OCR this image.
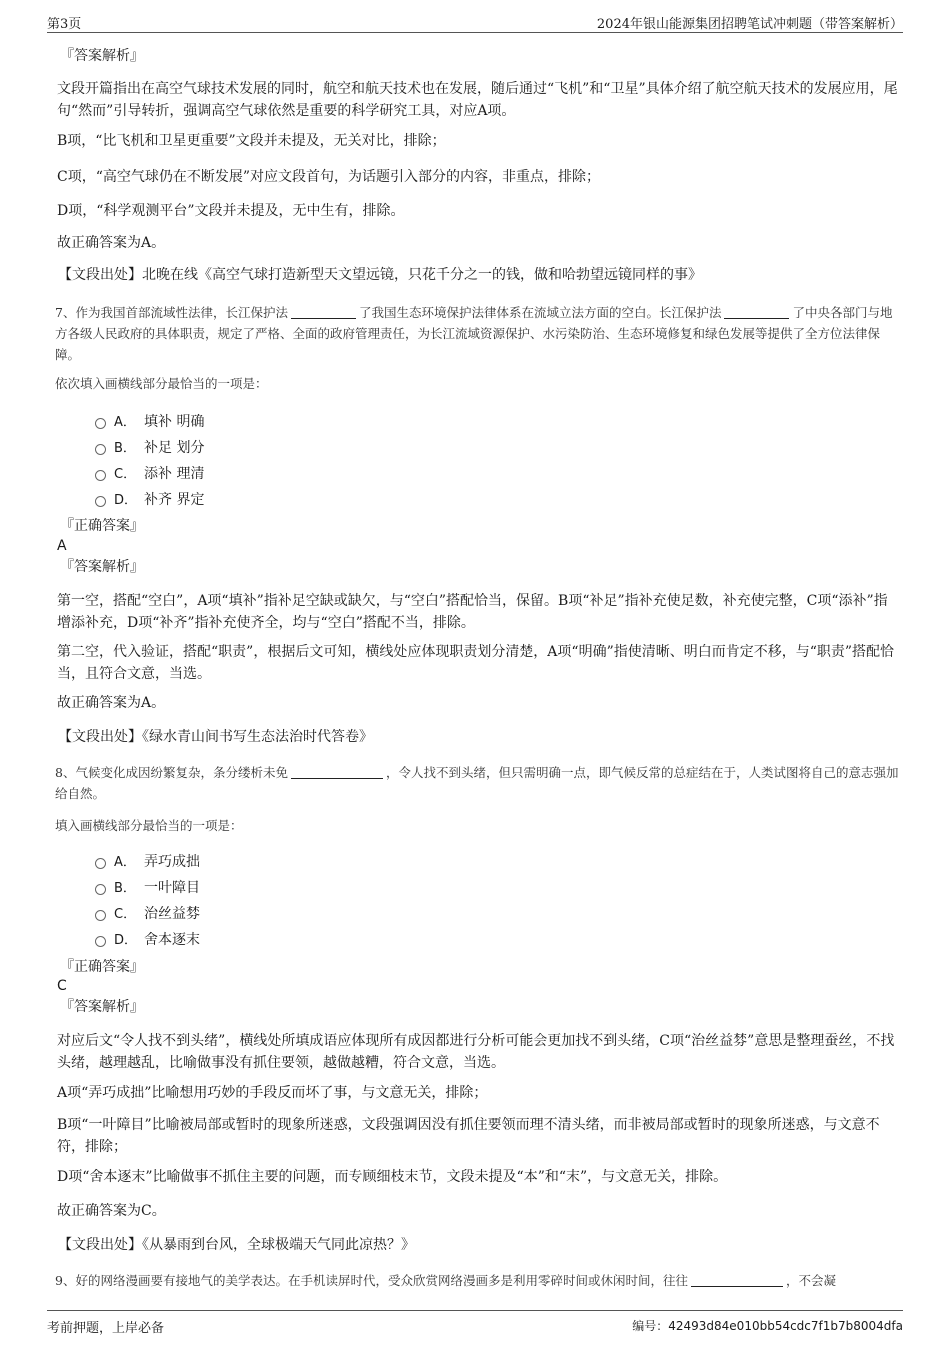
第3页	2024年银山能源集团招聘笔试冲刺题（带答案解析）
『答案解析』
文段开篇指出在高空气球技术发展的同时，航空和航天技术也在发展，随后通过“飞机”和“卫星”具体介绍了航空航天技术的发展应用，尾句“然而”引导转折，强调高空气球依然是重要的科学研究工具，对应A项。
B项，“比飞机和卫星更重要”文段并未提及，无关对比，排除；
C项，“高空气球仍在不断发展”对应文段首句，为话题引入部分的内容，非重点，排除；
D项，“科学观测平台”文段并未提及，无中生有，排除。
故正确答案为A。
【文段出处】北晚在线《高空气球打造新型天文望远镜，只花千分之一的钱，做和哈勃望远镜同样的事》
7、作为我国首部流域性法律，长江保护法	了我国生态环境保护法律体系在流域立法方面的空白。长江保护法	了中央各部门与地方各级人民政府的具体职责，规定了严格、全面的政府管理责任，为长江流域资源保护、水污染防治、生态环境修复和绿色发展等提供了全方位法律保障。
依次填入画横线部分最恰当的一项是：
A． 填补 明确
B． 补足 划分
C． 添补 理清
D． 补齐 界定
『正确答案』
A
『答案解析』
第一空，搭配“空白”，A项“填补”指补足空缺或缺欠，与“空白”搭配恰当，保留。B项“补足”指补充使足数，补充使完整，C项“添补”指增添补充，D项“补齐”指补充使齐全，均与“空白”搭配不当，排除。
第二空，代入验证，搭配“职责”，根据后文可知，横线处应体现职责划分清楚，A项“明确”指使清晰、明白而肯定不移，与“职责”搭配恰当，且符合文意，当选。
故正确答案为A。
【文段出处】《绿水青山间书写生态法治时代答卷》
8、气候变化成因纷繁复杂，条分缕析未免	，令人找不到头绪，但只需明确一点，即气候反常的总症结在于，人类试图将自己的意志强加给自然。
填入画横线部分最恰当的一项是：
A． 弄巧成拙
B． 一叶障目
C． 治丝益棼
D． 舍本逐末
『正确答案』
C
『答案解析』
对应后文“令人找不到头绪”，横线处所填成语应体现所有成因都进行分析可能会更加找不到头绪，C项“治丝益棼”意思是整理蚕丝，不找头绪，越理越乱，比喻做事没有抓住要领，越做越糟，符合文意，当选。
A项“弄巧成拙”比喻想用巧妙的手段反而坏了事，与文意无关，排除；
B项“一叶障目”比喻被局部或暂时的现象所迷惑，文段强调因没有抓住要领而理不清头绪，而非被局部或暂时的现象所迷惑，与文意不符，排除；
D项“舍本逐末”比喻做事不抓住主要的问题，而专顾细枝末节，文段未提及“本”和“末”，与文意无关，排除。
故正确答案为C。
【文段出处】《从暴雨到台风，全球极端天气同此凉热？》
9、好的网络漫画要有接地气的美学表达。在手机读屏时代，受众欣赏网络漫画多是利用零碎时间或休闲时间，往往	，不会凝
考前押题，上岸必备	编号：42493d84e010bb54cdc7f1b7b8004dfa
